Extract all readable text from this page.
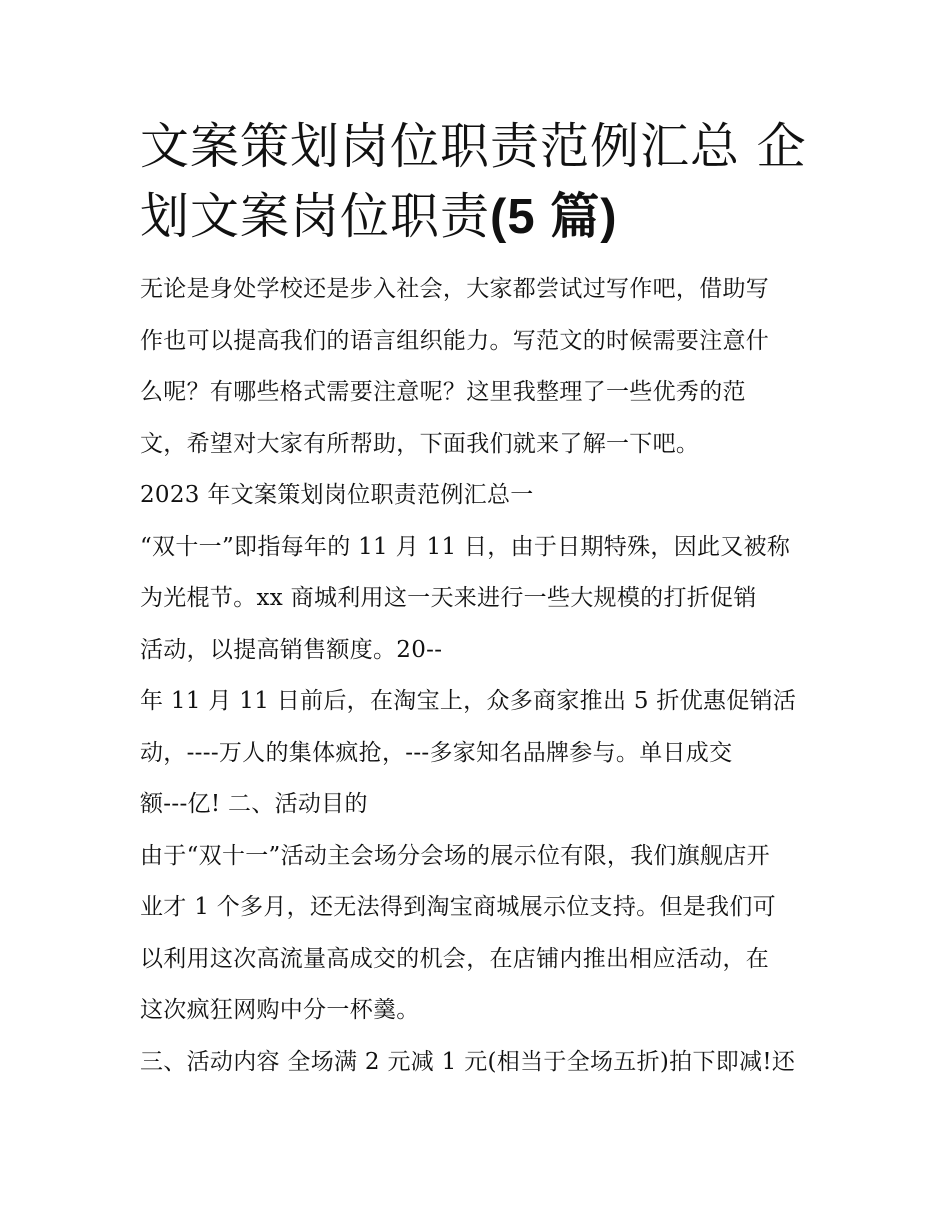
文案策划岗位职责范例汇总 企
划文案岗位职责(5 篇)
无论是身处学校还是步入社会，大家都尝试过写作吧，借助写
作也可以提高我们的语言组织能力。写范文的时候需要注意什
么呢？有哪些格式需要注意呢？这里我整理了一些优秀的范
文，希望对大家有所帮助，下面我们就来了解一下吧。
2023 年文案策划岗位职责范例汇总一
“双十一”即指每年的 11 月 11 日，由于日期特殊，因此又被称
为光棍节。xx 商城利用这一天来进行一些大规模的打折促销
活动，以提高销售额度。20--
年 11 月 11 日前后，在淘宝上，众多商家推出 5 折优惠促销活
动，----万人的集体疯抢，---多家知名品牌参与。单日成交
额---亿! 二、活动目的
由于“双十一”活动主会场分会场的展示位有限，我们旗舰店开
业才 1 个多月，还无法得到淘宝商城展示位支持。但是我们可
以利用这次高流量高成交的机会，在店铺内推出相应活动，在
这次疯狂网购中分一杯羹。
三、活动内容 全场满 2 元减 1 元(相当于全场五折)拍下即减!还
